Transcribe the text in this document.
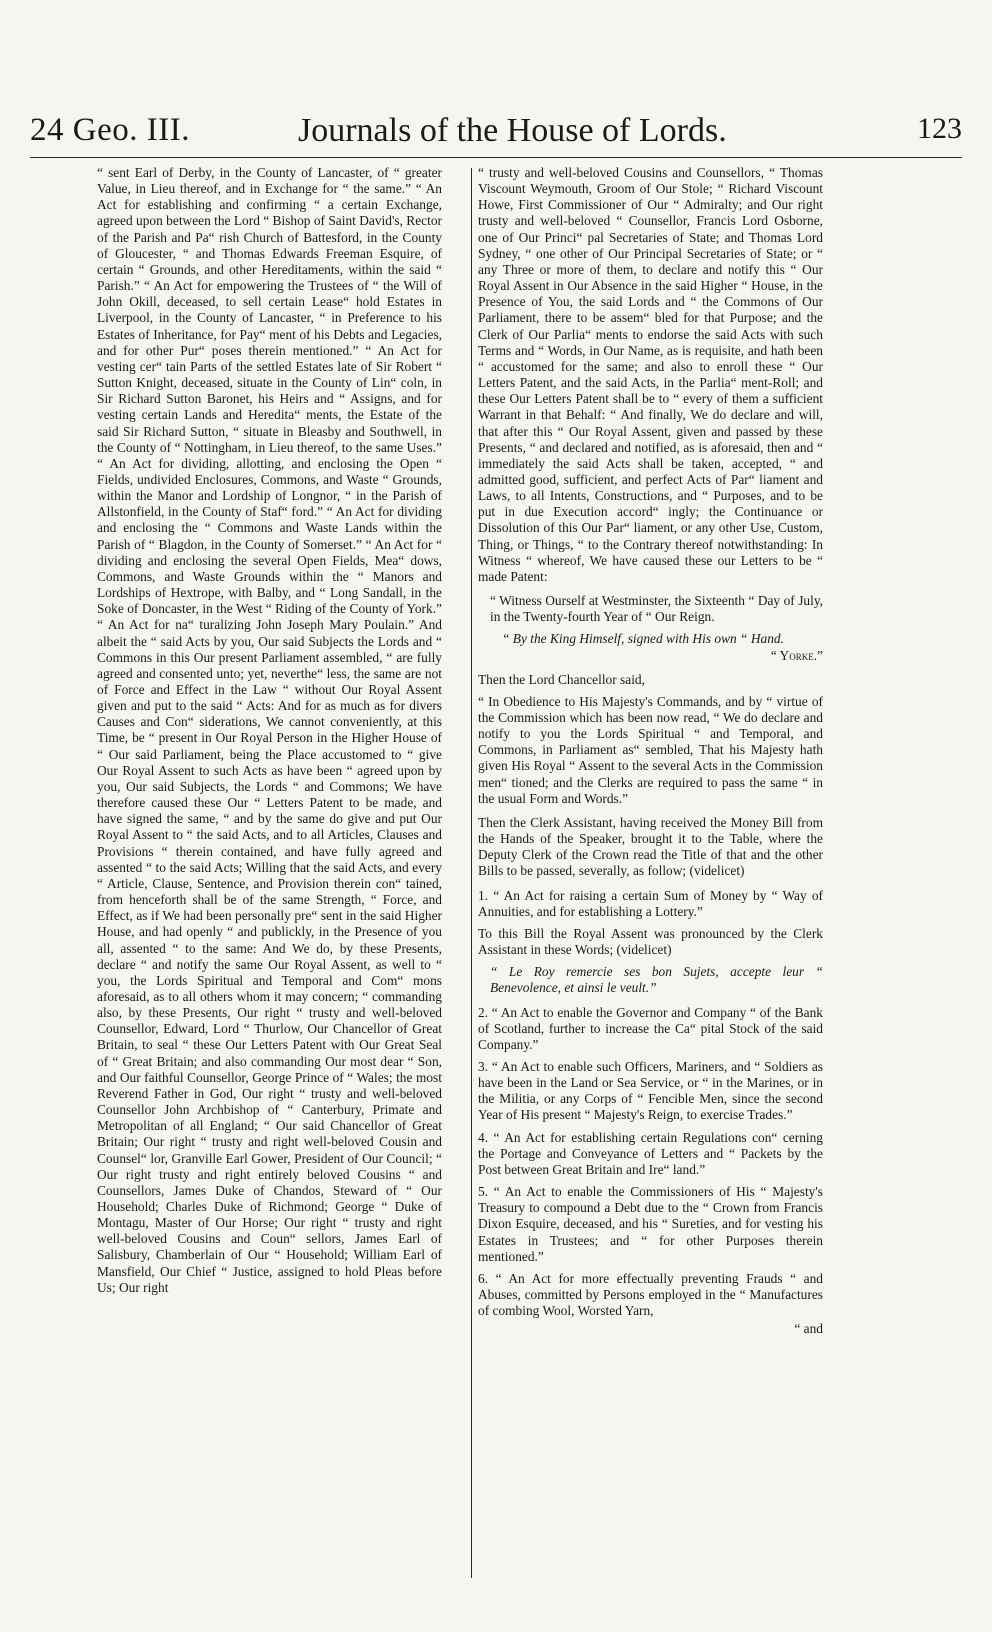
24 Geo. III.	Journals of the House of Lords.	123

“ sent Earl of Derby, in the County of Lancaster, of “ greater Value, in Lieu thereof, and in Exchange for “ the same.” “ An Act for establishing and confirming “ a certain Exchange, agreed upon between the Lord “ Bishop of Saint David's, Rector of the Parish and Pa“ rish Church of Battesford, in the County of Gloucester, “ and Thomas Edwards Freeman Esquire, of certain “ Grounds, and other Hereditaments, within the said “ Parish.” “ An Act for empowering the Trustees of “ the Will of John Okill, deceased, to sell certain Lease“ hold Estates in Liverpool, in the County of Lancaster, “ in Preference to his Estates of Inheritance, for Pay“ ment of his Debts and Legacies, and for other Pur“ poses therein mentioned.” “ An Act for vesting cer“ tain Parts of the settled Estates late of Sir Robert “ Sutton Knight, deceased, situate in the County of Lin“ coln, in Sir Richard Sutton Baronet, his Heirs and “ Assigns, and for vesting certain Lands and Heredita“ ments, the Estate of the said Sir Richard Sutton, “ situate in Bleasby and Southwell, in the County of “ Nottingham, in Lieu thereof, to the same Uses.” “ An Act for dividing, allotting, and enclosing the Open “ Fields, undivided Enclosures, Commons, and Waste “ Grounds, within the Manor and Lordship of Longnor, “ in the Parish of Allstonfield, in the County of Staf“ ford.” “ An Act for dividing and enclosing the “ Commons and Waste Lands within the Parish of “ Blagdon, in the County of Somerset.” “ An Act for “ dividing and enclosing the several Open Fields, Mea“ dows, Commons, and Waste Grounds within the “ Manors and Lordships of Hextrope, with Balby, and “ Long Sandall, in the Soke of Doncaster, in the West “ Riding of the County of York.” “ An Act for na“ turalizing John Joseph Mary Poulain.” And albeit the “ said Acts by you, Our said Subjects the Lords and “ Commons in this Our present Parliament assembled, “ are fully agreed and consented unto; yet, neverthe“ less, the same are not of Force and Effect in the Law “ without Our Royal Assent given and put to the said “ Acts: And for as much as for divers Causes and Con“ siderations, We cannot conveniently, at this Time, be “ present in Our Royal Person in the Higher House of “ Our said Parliament, being the Place accustomed to “ give Our Royal Assent to such Acts as have been “ agreed upon by you, Our said Subjects, the Lords “ and Commons; We have therefore caused these Our “ Letters Patent to be made, and have signed the same, “ and by the same do give and put Our Royal Assent to “ the said Acts, and to all Articles, Clauses and Provisions “ therein contained, and have fully agreed and assented “ to the said Acts; Willing that the said Acts, and every “ Article, Clause, Sentence, and Provision therein con“ tained, from henceforth shall be of the same Strength, “ Force, and Effect, as if We had been personally pre“ sent in the said Higher House, and had openly “ and publickly, in the Presence of you all, assented “ to the same: And We do, by these Presents, declare “ and notify the same Our Royal Assent, as well to “ you, the Lords Spiritual and Temporal and Com“ mons aforesaid, as to all others whom it may concern; “ commanding also, by these Presents, Our right “ trusty and well-beloved Counsellor, Edward, Lord “ Thurlow, Our Chancellor of Great Britain, to seal “ these Our Letters Patent with Our Great Seal of “ Great Britain; and also commanding Our most dear “ Son, and Our faithful Counsellor, George Prince of “ Wales; the most Reverend Father in God, Our right “ trusty and well-beloved Counsellor John Archbishop of “ Canterbury, Primate and Metropolitan of all England; “ Our said Chancellor of Great Britain; Our right “ trusty and right well-beloved Cousin and Counsel“ lor, Granville Earl Gower, President of Our Council; “ Our right trusty and right entirely beloved Cousins “ and Counsellors, James Duke of Chandos, Steward of “ Our Household; Charles Duke of Richmond; George “ Duke of Montagu, Master of Our Horse; Our right “ trusty and right well-beloved Cousins and Coun“ sellors, James Earl of Salisbury, Chamberlain of Our “ Household; William Earl of Mansfield, Our Chief “ Justice, assigned to hold Pleas before Us; Our right

“ trusty and well-beloved Cousins and Counsellors, “ Thomas Viscount Weymouth, Groom of Our Stole; “ Richard Viscount Howe, First Commissioner of Our “ Admiralty; and Our right trusty and well-beloved “ Counsellor, Francis Lord Osborne, one of Our Princi“ pal Secretaries of State; and Thomas Lord Sydney, “ one other of Our Principal Secretaries of State; or “ any Three or more of them, to declare and notify this “ Our Royal Assent in Our Absence in the said Higher “ House, in the Presence of You, the said Lords and “ the Commons of Our Parliament, there to be assem“ bled for that Purpose; and the Clerk of Our Parlia“ ments to endorse the said Acts with such Terms and “ Words, in Our Name, as is requisite, and hath been “ accustomed for the same; and also to enroll these “ Our Letters Patent, and the said Acts, in the Parlia“ ment-Roll; and these Our Letters Patent shall be to “ every of them a sufficient Warrant in that Behalf: “ And finally, We do declare and will, that after this “ Our Royal Assent, given and passed by these Presents, “ and declared and notified, as is aforesaid, then and “ immediately the said Acts shall be taken, accepted, “ and admitted good, sufficient, and perfect Acts of Par“ liament and Laws, to all Intents, Constructions, and “ Purposes, and to be put in due Execution accord“ ingly; the Continuance or Dissolution of this Our Par“ liament, or any other Use, Custom, Thing, or Things, “ to the Contrary thereof notwithstanding: In Witness “ whereof, We have caused these our Letters to be “ made Patent:

“ Witness Ourself at Westminster, the Sixteenth “ Day of July, in the Twenty-fourth Year of “ Our Reign.

“ By the King Himself, signed with His own “ Hand.

“ Yorke.”

Then the Lord Chancellor said,

“ In Obedience to His Majesty's Commands, and by “ virtue of the Commission which has been now read, “ We do declare and notify to you the Lords Spiritual “ and Temporal, and Commons, in Parliament as“ sembled, That his Majesty hath given His Royal “ Assent to the several Acts in the Commission men“ tioned; and the Clerks are required to pass the same “ in the usual Form and Words.”

Then the Clerk Assistant, having received the Money Bill from the Hands of the Speaker, brought it to the Table, where the Deputy Clerk of the Crown read the Title of that and the other Bills to be passed, severally, as follow; (videlicet)

1. “ An Act for raising a certain Sum of Money by “ Way of Annuities, and for establishing a Lottery.”

To this Bill the Royal Assent was pronounced by the Clerk Assistant in these Words; (videlicet)

“ Le Roy remercie ses bon Sujets, accepte leur “ Benevolence, et ainsi le veult.”

2. “ An Act to enable the Governor and Company “ of the Bank of Scotland, further to increase the Ca“ pital Stock of the said Company.”

3. “ An Act to enable such Officers, Mariners, and “ Soldiers as have been in the Land or Sea Service, or “ in the Marines, or in the Militia, or any Corps of “ Fencible Men, since the second Year of His present “ Majesty's Reign, to exercise Trades.”

4. “ An Act for establishing certain Regulations con“ cerning the Portage and Conveyance of Letters and “ Packets by the Post between Great Britain and Ire“ land.”

5. “ An Act to enable the Commissioners of His “ Majesty's Treasury to compound a Debt due to the “ Crown from Francis Dixon Esquire, deceased, and his “ Sureties, and for vesting his Estates in Trustees; and “ for other Purposes therein mentioned.”

6. “ An Act for more effectually preventing Frauds “ and Abuses, committed by Persons employed in the “ Manufactures of combing Wool, Worsted Yarn,

“ and
